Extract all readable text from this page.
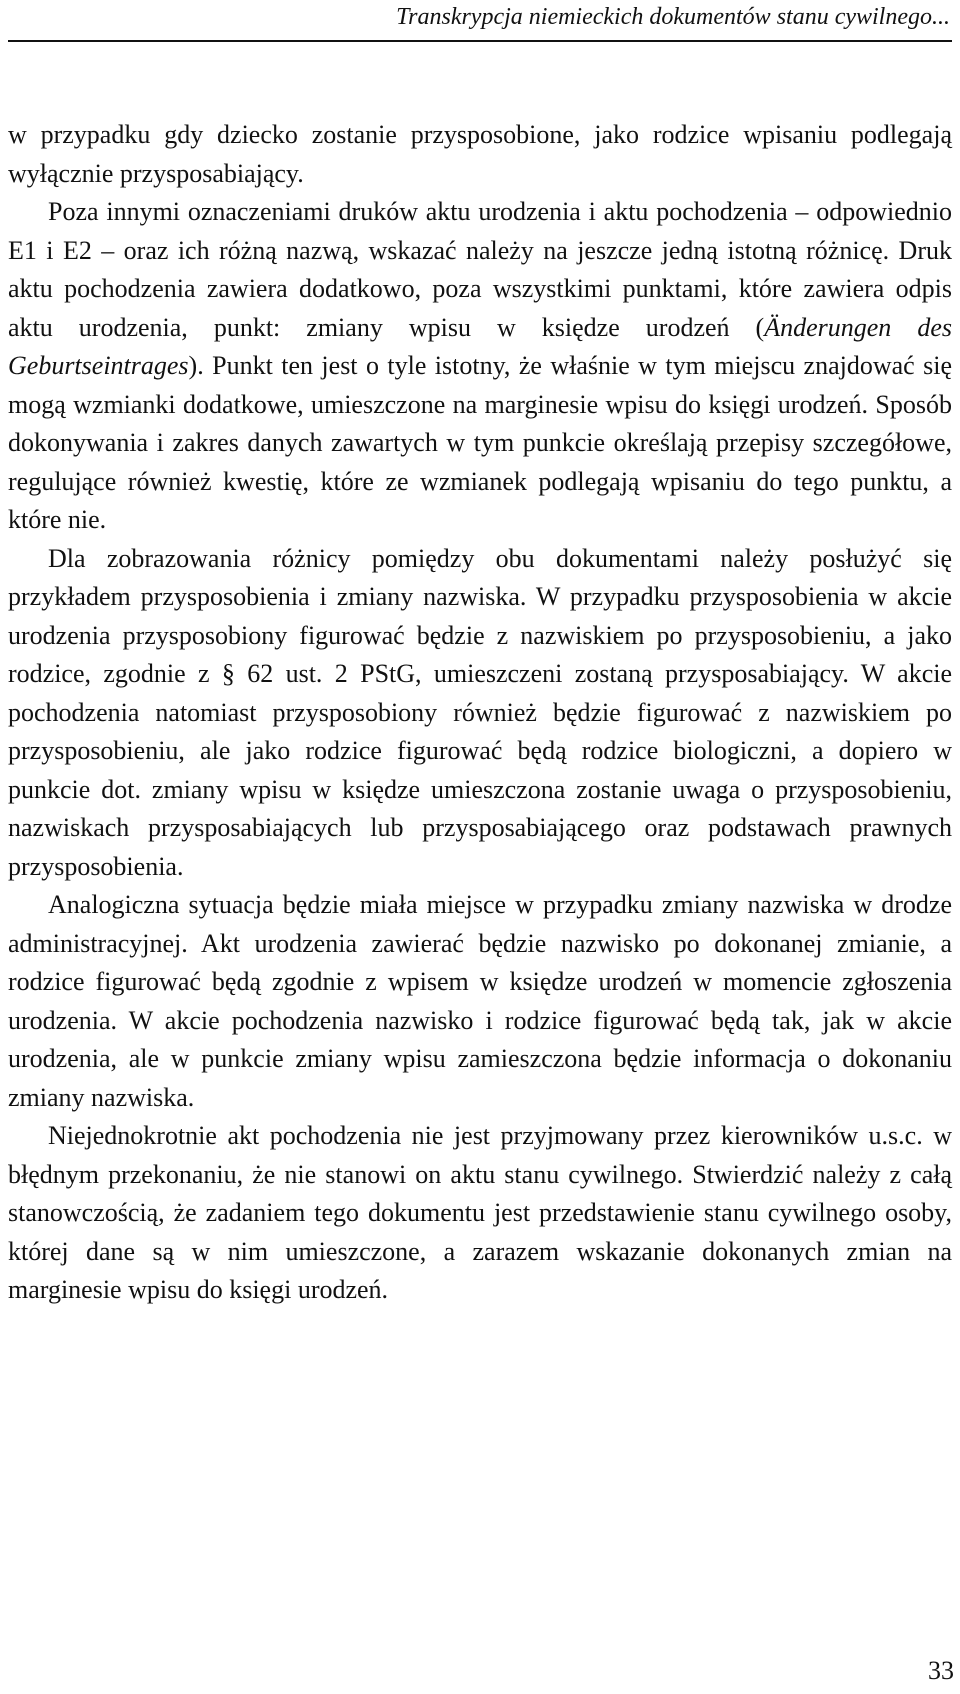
Transkrypcja niemieckich dokumentów stanu cywilnego...

w przypadku gdy dziecko zostanie przysposobione, jako rodzice wpisaniu podlegają wyłącznie przysposabiający.

Poza innymi oznaczeniami druków aktu urodzenia i aktu pochodzenia – odpowiednio E1 i E2 – oraz ich różną nazwą, wskazać należy na jeszcze jedną istotną różnicę. Druk aktu pochodzenia zawiera dodatkowo, poza wszystkimi punktami, które zawiera odpis aktu urodzenia, punkt: zmiany wpisu w księdze urodzeń (Änderungen des Geburtseintrages). Punkt ten jest o tyle istotny, że właśnie w tym miejscu znajdować się mogą wzmianki dodatkowe, umieszczone na marginesie wpisu do księgi urodzeń. Sposób dokonywania i zakres danych zawartych w tym punkcie określają przepisy szczegółowe, regulujące również kwestię, które ze wzmianek podlegają wpisaniu do tego punktu, a które nie.

Dla zobrazowania różnicy pomiędzy obu dokumentami należy posłużyć się przykładem przysposobienia i zmiany nazwiska. W przypadku przysposobienia w akcie urodzenia przysposobiony figurować będzie z nazwiskiem po przysposobieniu, a jako rodzice, zgodnie z § 62 ust. 2 PStG, umieszczeni zostaną przysposabiający. W akcie pochodzenia natomiast przysposobiony również będzie figurować z nazwiskiem po przysposobieniu, ale jako rodzice figurować będą rodzice biologiczni, a dopiero w punkcie dot. zmiany wpisu w księdze umieszczona zostanie uwaga o przysposobieniu, nazwiskach przysposabiających lub przysposabiającego oraz podstawach prawnych przysposobienia.

Analogiczna sytuacja będzie miała miejsce w przypadku zmiany nazwiska w drodze administracyjnej. Akt urodzenia zawierać będzie nazwisko po dokonanej zmianie, a rodzice figurować będą zgodnie z wpisem w księdze urodzeń w momencie zgłoszenia urodzenia. W akcie pochodzenia nazwisko i rodzice figurować będą tak, jak w akcie urodzenia, ale w punkcie zmiany wpisu zamieszczona będzie informacja o dokonaniu zmiany nazwiska.

Niejednokrotnie akt pochodzenia nie jest przyjmowany przez kierowników u.s.c. w błędnym przekonaniu, że nie stanowi on aktu stanu cywilnego. Stwierdzić należy z całą stanowczością, że zadaniem tego dokumentu jest przedstawienie stanu cywilnego osoby, której dane są w nim umieszczone, a zarazem wskazanie dokonanych zmian na marginesie wpisu do księgi urodzeń.

33
